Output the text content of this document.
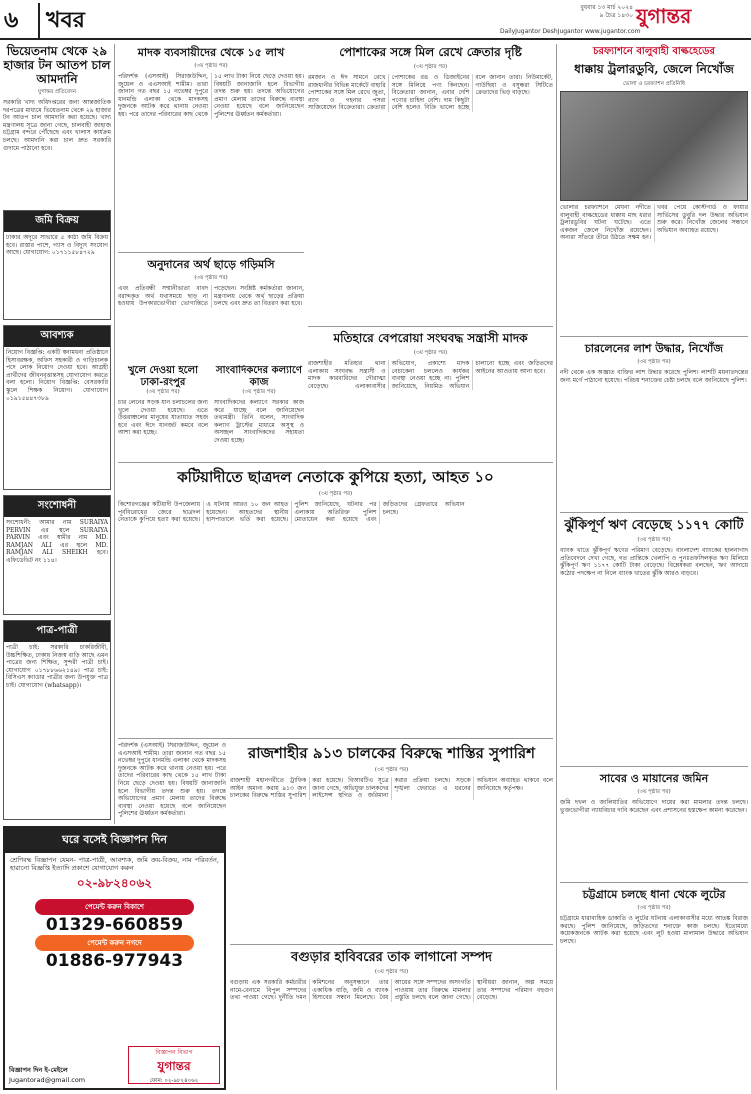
৬	খবর	DailyJugantor DeshJugantor www.jugantor.com
বুধবার ১৩ মার্চ ২০২৪ ৯ চৈত্র ১৪৩০ যুগান্তর
ভিয়েতনাম থেকে ২৯ হাজার টন আতপ চাল আমদানি
যুগান্তর প্রতিবেদন
সরকারি খাদ্য অধিদপ্তরের জন্য আন্তর্জাতিক দরপত্রের মাধ্যমে ভিয়েতনাম থেকে ২৯ হাজার টন আতপ চাল আমদানি করা হয়েছে। খাদ্য মন্ত্রণালয় সূত্রে জানা গেছে, চালবাহী জাহাজ চট্টগ্রাম বন্দরে পৌঁছেছে এবং খালাস কার্যক্রম চলছে। আমদানি করা চাল দ্রুত সরকারি গুদামে পাঠানো হবে।
জমি বিক্রয়
ঢাকার অদূরে সাভারে ৫ কাঠা জমি বিক্রয় হবে। রাস্তার পাশে, গ্যাস ও বিদ্যুৎ সংযোগ আছে। যোগাযোগ: ০১৭১১৫৮৪৭২৯
আবশ্যক
নিয়োগ বিজ্ঞপ্তি: একটি স্বনামধন্য প্রতিষ্ঠানে হিসাবরক্ষক, অফিস সহকারী ও গাড়িচালক পদে লোক নিয়োগ দেওয়া হবে। আগ্রহী প্রার্থীদের জীবনবৃত্তান্তসহ যোগাযোগ করতে বলা হলো। নিয়োগ বিজ্ঞপ্তি: বেসরকারি স্কুলে শিক্ষক নিয়োগ। যোগাযোগ ০১৯১৫৪৪৭৩৮৯
সংশোধনী
সংশোধনী: আমার নাম SURAIYA PERVIN এর স্থলে SURAIYA PARVIN এবং স্বামীর নাম MD. RAMJAN ALI এর স্থলে MD. RAMJAN ALI SHEIKH হবে। এফিডেভিট নং ১১৪।
পাত্র-পাত্রী
পাত্রী চাই: সরকারি চাকরিজীবী, উচ্চশিক্ষিত, ঢাকায় নিজস্ব বাড়ি আছে এমন পাত্রের জন্য শিক্ষিত, সুন্দরী পাত্রী চাই। যোগাযোগ ০১৭৮৮৬৬২১৪৯। পাত্র চাই: বিসিএস ক্যাডার পাত্রীর জন্য উপযুক্ত পাত্র চাই। যোগাযোগ (whatsapp)।
ঘরে বসেই বিজ্ঞাপন দিন
শ্রেণিবদ্ধ বিজ্ঞাপন যেমন- পাত্র-পাত্রী, আবশ্যক, জমি ক্রয়-বিক্রয়, নাম পরিবর্তন, হারানো বিজ্ঞপ্তি ইত্যাদি প্রকাশে যোগাযোগ করুন
০২-৯৮২৪০৬২
পেমেন্ট করুন বিকাশে
01329-660859
পেমেন্ট করুন নগদে
01886-977943
বিজ্ঞাপন দিন ই-মেইলে
Jugantorad@gmail.com
বিজ্ঞাপন বিভাগ
যুগান্তর
ফোন: ০২-৯৮২৪০৬২
মাদক ব্যবসায়ীদের থেকে ১৫ লাখ
(৩য় পৃষ্ঠার পর)
পরিদর্শক (এসআই) সিরাজউদ্দিন, জুয়েল ও এএসআই শামীম। তারা জানান গত বছর ১৫ নভেম্বর দুপুরে ধানমন্ডি এলাকা থেকে মাদকসহ দুজনকে আটক করে থানায় নেওয়া হয়। পরে তাদের পরিবারের কাছ থেকে ১৫ লাখ টাকা নিয়ে ছেড়ে দেওয়া হয়। বিষয়টি জানাজানি হলে বিভাগীয় তদন্ত শুরু হয়। তদন্তে অভিযোগের প্রমাণ মেলায় তাদের বিরুদ্ধে ব্যবস্থা নেওয়া হয়েছে বলে জানিয়েছেন পুলিশের ঊর্ধ্বতন কর্মকর্তারা।
পোশাকের সঙ্গে মিল রেখে ক্রেতার দৃষ্টি
(৩য় পৃষ্ঠার পর)
রমজান ও ঈদ সামনে রেখে রাজধানীর বিভিন্ন মার্কেটে বাহারি পোশাকের সঙ্গে মিল রেখে জুতা, ব্যাগ ও গহনার পসরা সাজিয়েছেন বিক্রেতারা। ক্রেতারা পোশাকের রঙ ও ডিজাইনের সঙ্গে মিলিয়ে পণ্য কিনছেন। বিক্রেতারা জানান, এবার দেশি পণ্যের চাহিদা বেশি। দাম কিছুটা বেশি হলেও বিক্রি ভালো হচ্ছে বলে জানান তারা। নিউমার্কেট, গাউছিয়া ও বসুন্ধরা সিটিতে ক্রেতাদের ভিড় বাড়ছে।
অনুদানের অর্থ ছাড়ে গড়িমসি
(৩য় পৃষ্ঠার পর)
এবং প্রতিবন্ধী সম্মানীভাতা বাবদ বরাদ্দকৃত অর্থ যথাসময়ে ছাড় না হওয়ায় উপকারভোগীরা ভোগান্তিতে পড়েছেন। সংশ্লিষ্ট কর্মকর্তারা জানান, মন্ত্রণালয় থেকে অর্থ ছাড়ের প্রক্রিয়া চলছে এবং দ্রুত তা বিতরণ করা হবে।
খুলে দেওয়া হলো ঢাকা-রংপুর
(৩য় পৃষ্ঠার পর)
চার লেনের সড়ক যান চলাচলের জন্য খুলে দেওয়া হয়েছে। এতে উত্তরাঞ্চলের মানুষের যাতায়াত সহজ হবে এবং ঈদে যানজট কমবে বলে আশা করা হচ্ছে।
সাংবাদিকদের কল্যাণে কাজ
(৩য় পৃষ্ঠার পর)
সাংবাদিকদের কল্যাণে সরকার কাজ করে যাচ্ছে বলে জানিয়েছেন তথ্যমন্ত্রী। তিনি বলেন, সাংবাদিক কল্যাণ ট্রাস্টের মাধ্যমে অসুস্থ ও অসচ্ছল সাংবাদিকদের সহায়তা দেওয়া হচ্ছে।
মতিহারে বেপরোয়া সংঘবদ্ধ সন্ত্রাসী মাদক
(৩য় পৃষ্ঠার পর)
রাজশাহীর মতিহার থানা এলাকায় সংঘবদ্ধ সন্ত্রাসী ও মাদক কারবারিদের দৌরাত্ম্য বেড়েছে। এলাকাবাসীর অভিযোগ, প্রকাশ্যে মাদক বেচাকেনা চললেও কার্যকর ব্যবস্থা নেওয়া হচ্ছে না। পুলিশ জানিয়েছে, নিয়মিত অভিযান চালানো হচ্ছে এবং জড়িতদের আইনের আওতায় আনা হবে।
কটিয়াদীতে ছাত্রদল নেতাকে কুপিয়ে হত্যা, আহত ১০
(৩য় পৃষ্ঠার পর)
কিশোরগঞ্জের কটিয়াদী উপজেলায় পূর্ববিরোধের জেরে ছাত্রদল নেতাকে কুপিয়ে হত্যা করা হয়েছে। এ ঘটনায় আরও ১০ জন আহত হয়েছেন। আহতদের স্থানীয় হাসপাতালে ভর্তি করা হয়েছে। পুলিশ জানিয়েছে, ঘটনার পর এলাকায় অতিরিক্ত পুলিশ মোতায়েন করা হয়েছে এবং জড়িতদের গ্রেফতারে অভিযান চলছে।
রাজশাহীর ৯১৩ চালকের বিরুদ্ধে শাস্তির সুপারিশ
(৩য় পৃষ্ঠার পর)
রাজশাহী মহানগরীতে ট্রাফিক আইন অমান্য করায় ৯১৩ জন চালকের বিরুদ্ধে শাস্তির সুপারিশ করা হয়েছে। বিআরটিএ সূত্রে জানা গেছে, অভিযুক্ত চালকদের লাইসেন্স স্থগিত ও জরিমানা করার প্রক্রিয়া চলছে। সড়কে শৃঙ্খলা ফেরাতে এ ধরনের অভিযান অব্যাহত থাকবে বলে জানিয়েছে কর্তৃপক্ষ।
পরিদর্শক (এসআই) সিরাজউদ্দিন, জুয়েল ও এএসআই শামীম। তারা জানান গত বছর ১৫ নভেম্বর দুপুরে ধানমন্ডি এলাকা থেকে মাদকসহ দুজনকে আটক করে থানায় নেওয়া হয়। পরে তাদের পরিবারের কাছ থেকে ১৫ লাখ টাকা নিয়ে ছেড়ে দেওয়া হয়। বিষয়টি জানাজানি হলে বিভাগীয় তদন্ত শুরু হয়। তদন্তে অভিযোগের প্রমাণ মেলায় তাদের বিরুদ্ধে ব্যবস্থা নেওয়া হয়েছে বলে জানিয়েছেন পুলিশের ঊর্ধ্বতন কর্মকর্তারা।
বগুড়ার হাবিবরের তাক লাগানো সম্পদ
(৩য় পৃষ্ঠার পর)
বগুড়ায় এক সরকারি কর্মচারীর নামে-বেনামে বিপুল সম্পদের তথ্য পাওয়া গেছে। দুর্নীতি দমন কমিশনের অনুসন্ধানে তার একাধিক বাড়ি, জমি ও ব্যাংক হিসাবের সন্ধান মিলেছে। বৈধ আয়ের সঙ্গে সম্পদের অসংগতি পাওয়ায় তার বিরুদ্ধে মামলার প্রস্তুতি চলছে বলে জানা গেছে। স্থানীয়রা জানান, অল্প সময়ে তার সম্পদের পরিমাণ বহুগুণ বেড়েছে।
চরফ্যাশনে বালুবাহী বাল্কহেডের
ধাক্কায় ট্রলারডুবি, জেলে নিখোঁজ
ভোলা ও চরফ্যাশন প্রতিনিধি
ভোলার চরফ্যাশনে মেঘনা নদীতে বালুবাহী বাল্কহেডের ধাক্কায় মাছ ধরার ট্রলারডুবির ঘটনা ঘটেছে। এতে একজন জেলে নিখোঁজ রয়েছেন। অন্যরা সাঁতরে তীরে উঠতে সক্ষম হন। খবর পেয়ে কোস্টগার্ড ও ফায়ার সার্ভিসের ডুবুরি দল উদ্ধার অভিযান শুরু করে। নিখোঁজ জেলের সন্ধানে অভিযান অব্যাহত রয়েছে।
চারলেনের লাশ উদ্ধার, নিখোঁজ
(৩য় পৃষ্ঠার পর)
নদী থেকে এক অজ্ঞাত ব্যক্তির লাশ উদ্ধার করেছে পুলিশ। লাশটি ময়নাতদন্তের জন্য মর্গে পাঠানো হয়েছে। পরিচয় শনাক্তের চেষ্টা চলছে বলে জানিয়েছে পুলিশ।
ঝুঁকিপূর্ণ ঋণ বেড়েছে ১১৭৭ কোটি
(৩য় পৃষ্ঠার পর)
ব্যাংক খাতে ঝুঁকিপূর্ণ ঋণের পরিমাণ বেড়েছে। বাংলাদেশ ব্যাংকের হালনাগাদ প্রতিবেদনে দেখা গেছে, গত প্রান্তিকে খেলাপি ও পুনঃতফসিলকৃত ঋণ মিলিয়ে ঝুঁকিপূর্ণ ঋণ ১১৭৭ কোটি টাকা বেড়েছে। বিশ্লেষকরা বলছেন, ঋণ আদায়ে কঠোর পদক্ষেপ না নিলে ব্যাংক খাতের ঝুঁকি আরও বাড়বে।
সাবের ও মায়ানের জমিন
(৩য় পৃষ্ঠার পর)
জমি দখল ও জালিয়াতির অভিযোগে দায়ের করা মামলার তদন্ত চলছে। ভুক্তভোগীরা ন্যায়বিচার দাবি করেছেন এবং প্রশাসনের হস্তক্ষেপ কামনা করেছেন।
চট্টগ্রামে চলছে ধানা থেকে লুটের
(৩য় পৃষ্ঠার পর)
চট্টগ্রামে ধারাবাহিক ডাকাতি ও লুটের ঘটনায় এলাকাবাসীর মধ্যে আতঙ্ক বিরাজ করছে। পুলিশ জানিয়েছে, জড়িতদের শনাক্তে কাজ চলছে। ইতোমধ্যে কয়েকজনকে আটক করা হয়েছে এবং লুট হওয়া মালামাল উদ্ধারে অভিযান চলছে।
